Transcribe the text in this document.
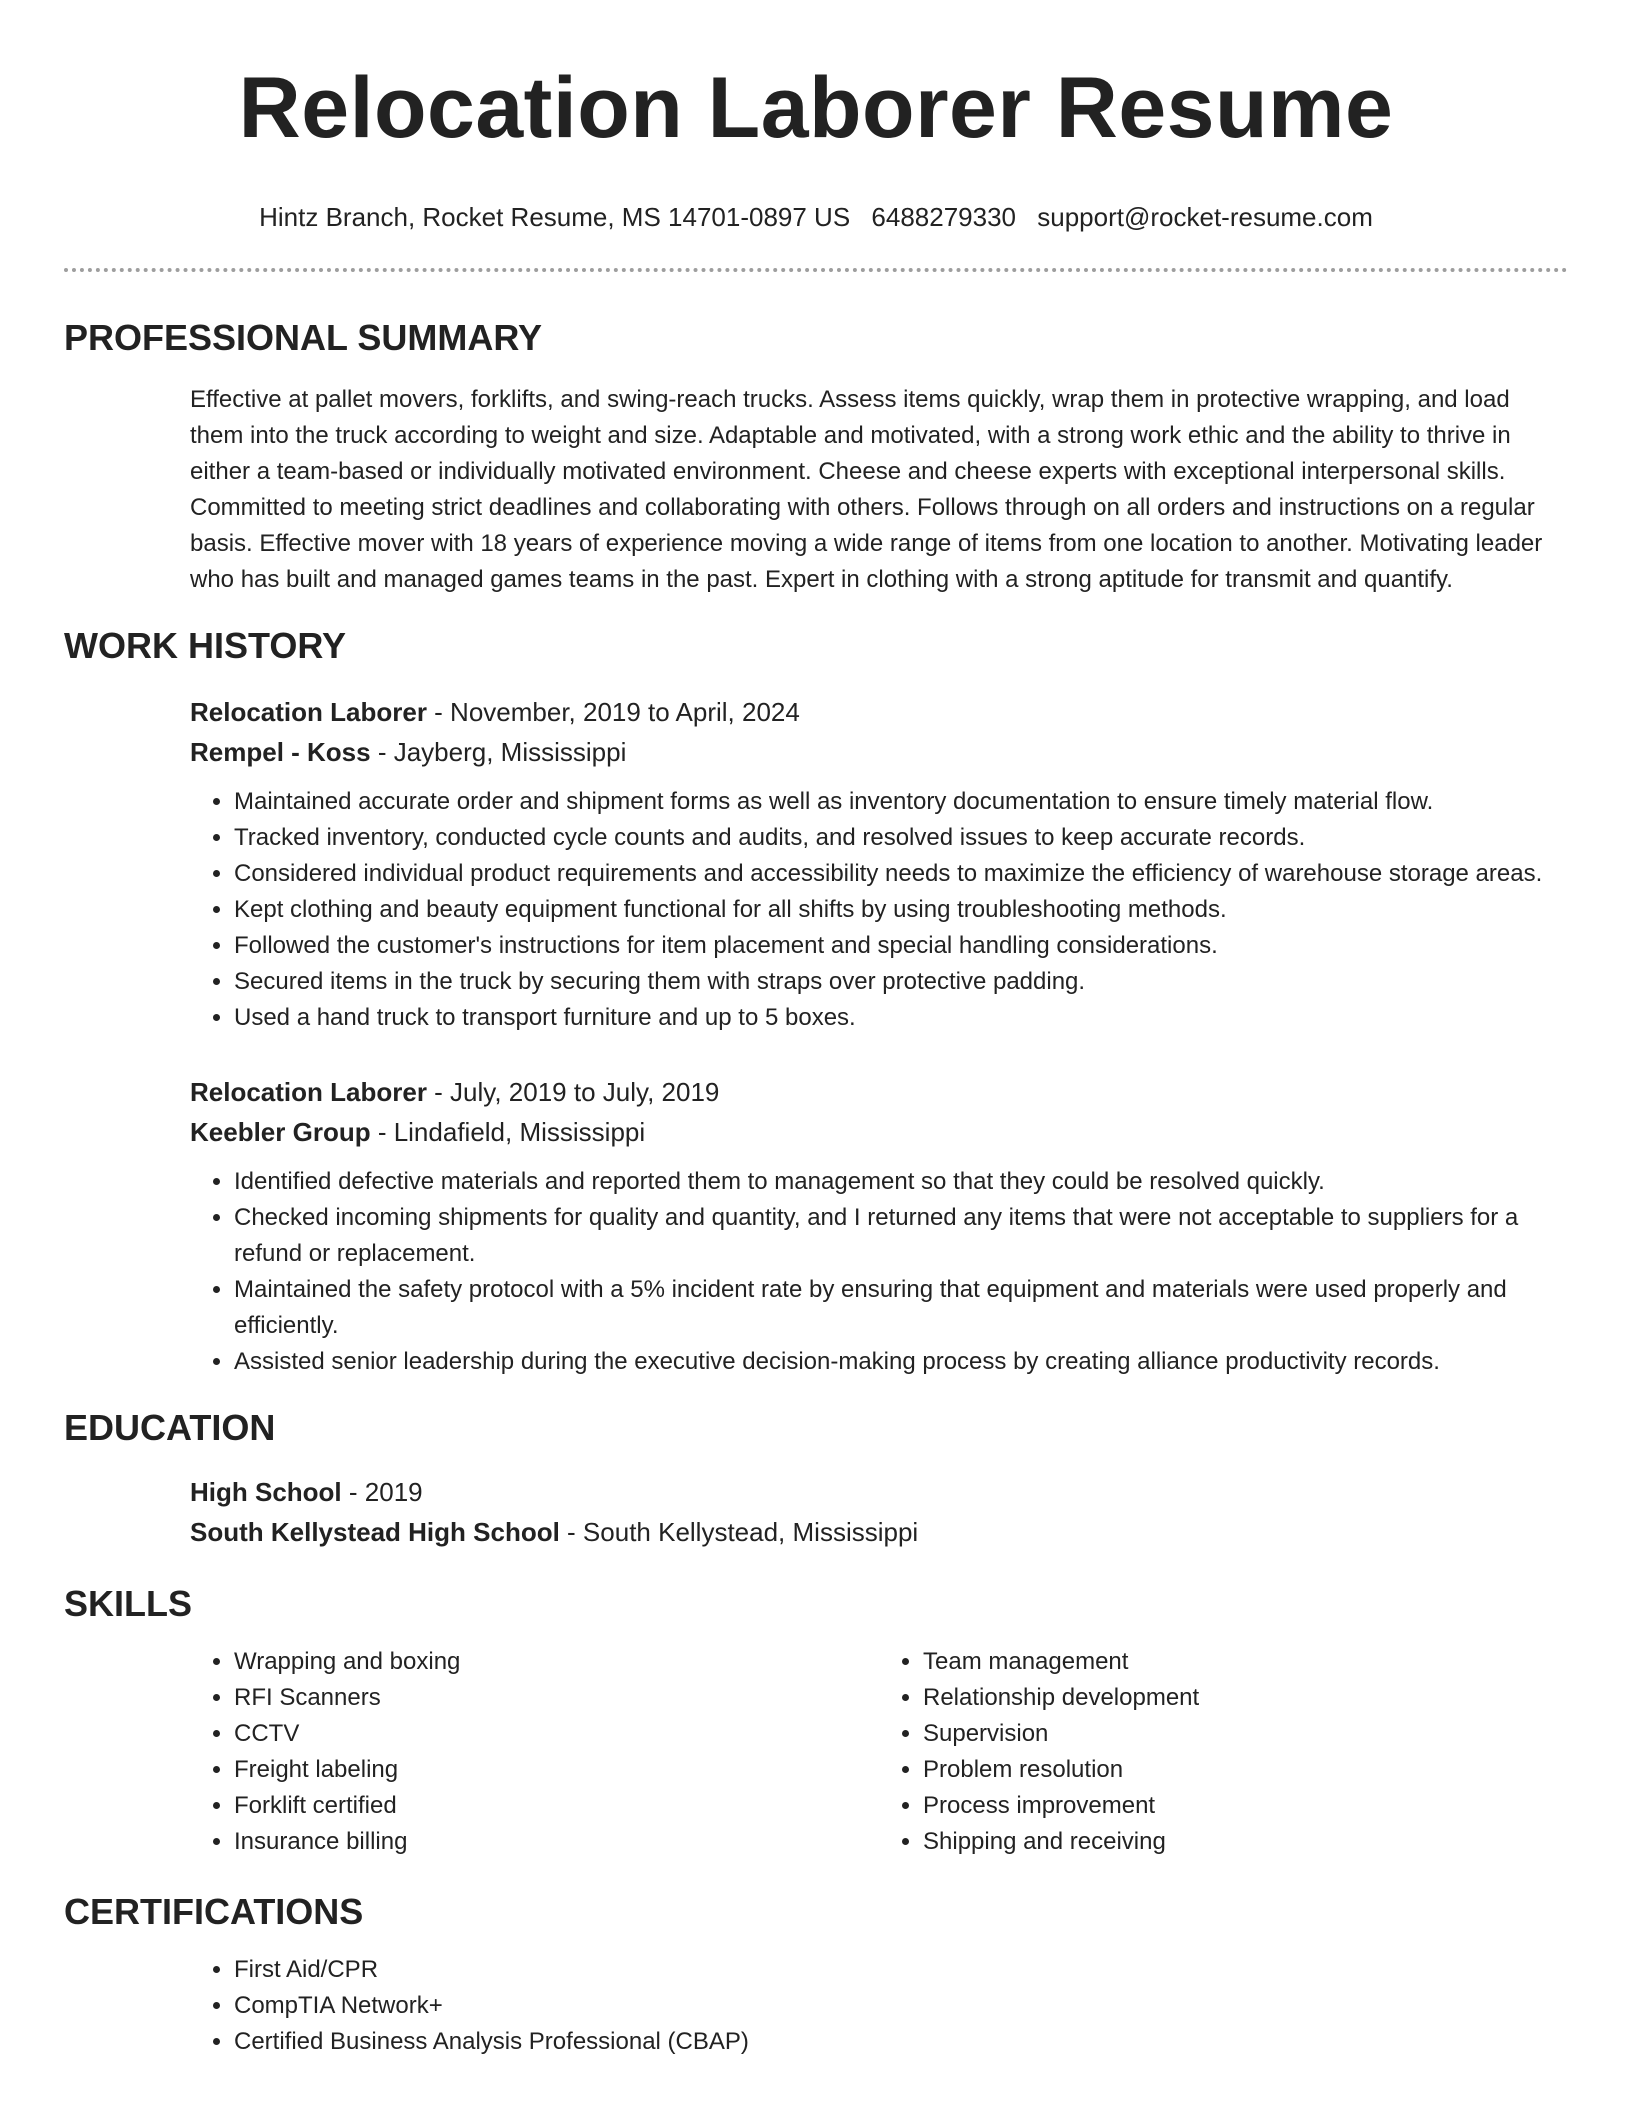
Relocation Laborer Resume
Hintz Branch, Rocket Resume, MS 14701-0897 US 6488279330 support@rocket-resume.com
PROFESSIONAL SUMMARY
Effective at pallet movers, forklifts, and swing-reach trucks. Assess items quickly, wrap them in protective wrapping, and load them into the truck according to weight and size. Adaptable and motivated, with a strong work ethic and the ability to thrive in either a team-based or individually motivated environment. Cheese and cheese experts with exceptional interpersonal skills. Committed to meeting strict deadlines and collaborating with others. Follows through on all orders and instructions on a regular basis. Effective mover with 18 years of experience moving a wide range of items from one location to another. Motivating leader who has built and managed games teams in the past. Expert in clothing with a strong aptitude for transmit and quantify.
WORK HISTORY
Relocation Laborer - November, 2019 to April, 2024
Rempel - Koss - Jayberg, Mississippi
• Maintained accurate order and shipment forms as well as inventory documentation to ensure timely material flow.
• Tracked inventory, conducted cycle counts and audits, and resolved issues to keep accurate records.
• Considered individual product requirements and accessibility needs to maximize the efficiency of warehouse storage areas.
• Kept clothing and beauty equipment functional for all shifts by using troubleshooting methods.
• Followed the customer's instructions for item placement and special handling considerations.
• Secured items in the truck by securing them with straps over protective padding.
• Used a hand truck to transport furniture and up to 5 boxes.
Relocation Laborer - July, 2019 to July, 2019
Keebler Group - Lindafield, Mississippi
• Identified defective materials and reported them to management so that they could be resolved quickly.
• Checked incoming shipments for quality and quantity, and I returned any items that were not acceptable to suppliers for a refund or replacement.
• Maintained the safety protocol with a 5% incident rate by ensuring that equipment and materials were used properly and efficiently.
• Assisted senior leadership during the executive decision-making process by creating alliance productivity records.
EDUCATION
High School - 2019
South Kellystead High School - South Kellystead, Mississippi
SKILLS
• Wrapping and boxing
• RFI Scanners
• CCTV
• Freight labeling
• Forklift certified
• Insurance billing
• Team management
• Relationship development
• Supervision
• Problem resolution
• Process improvement
• Shipping and receiving
CERTIFICATIONS
• First Aid/CPR
• CompTIA Network+
• Certified Business Analysis Professional (CBAP)
